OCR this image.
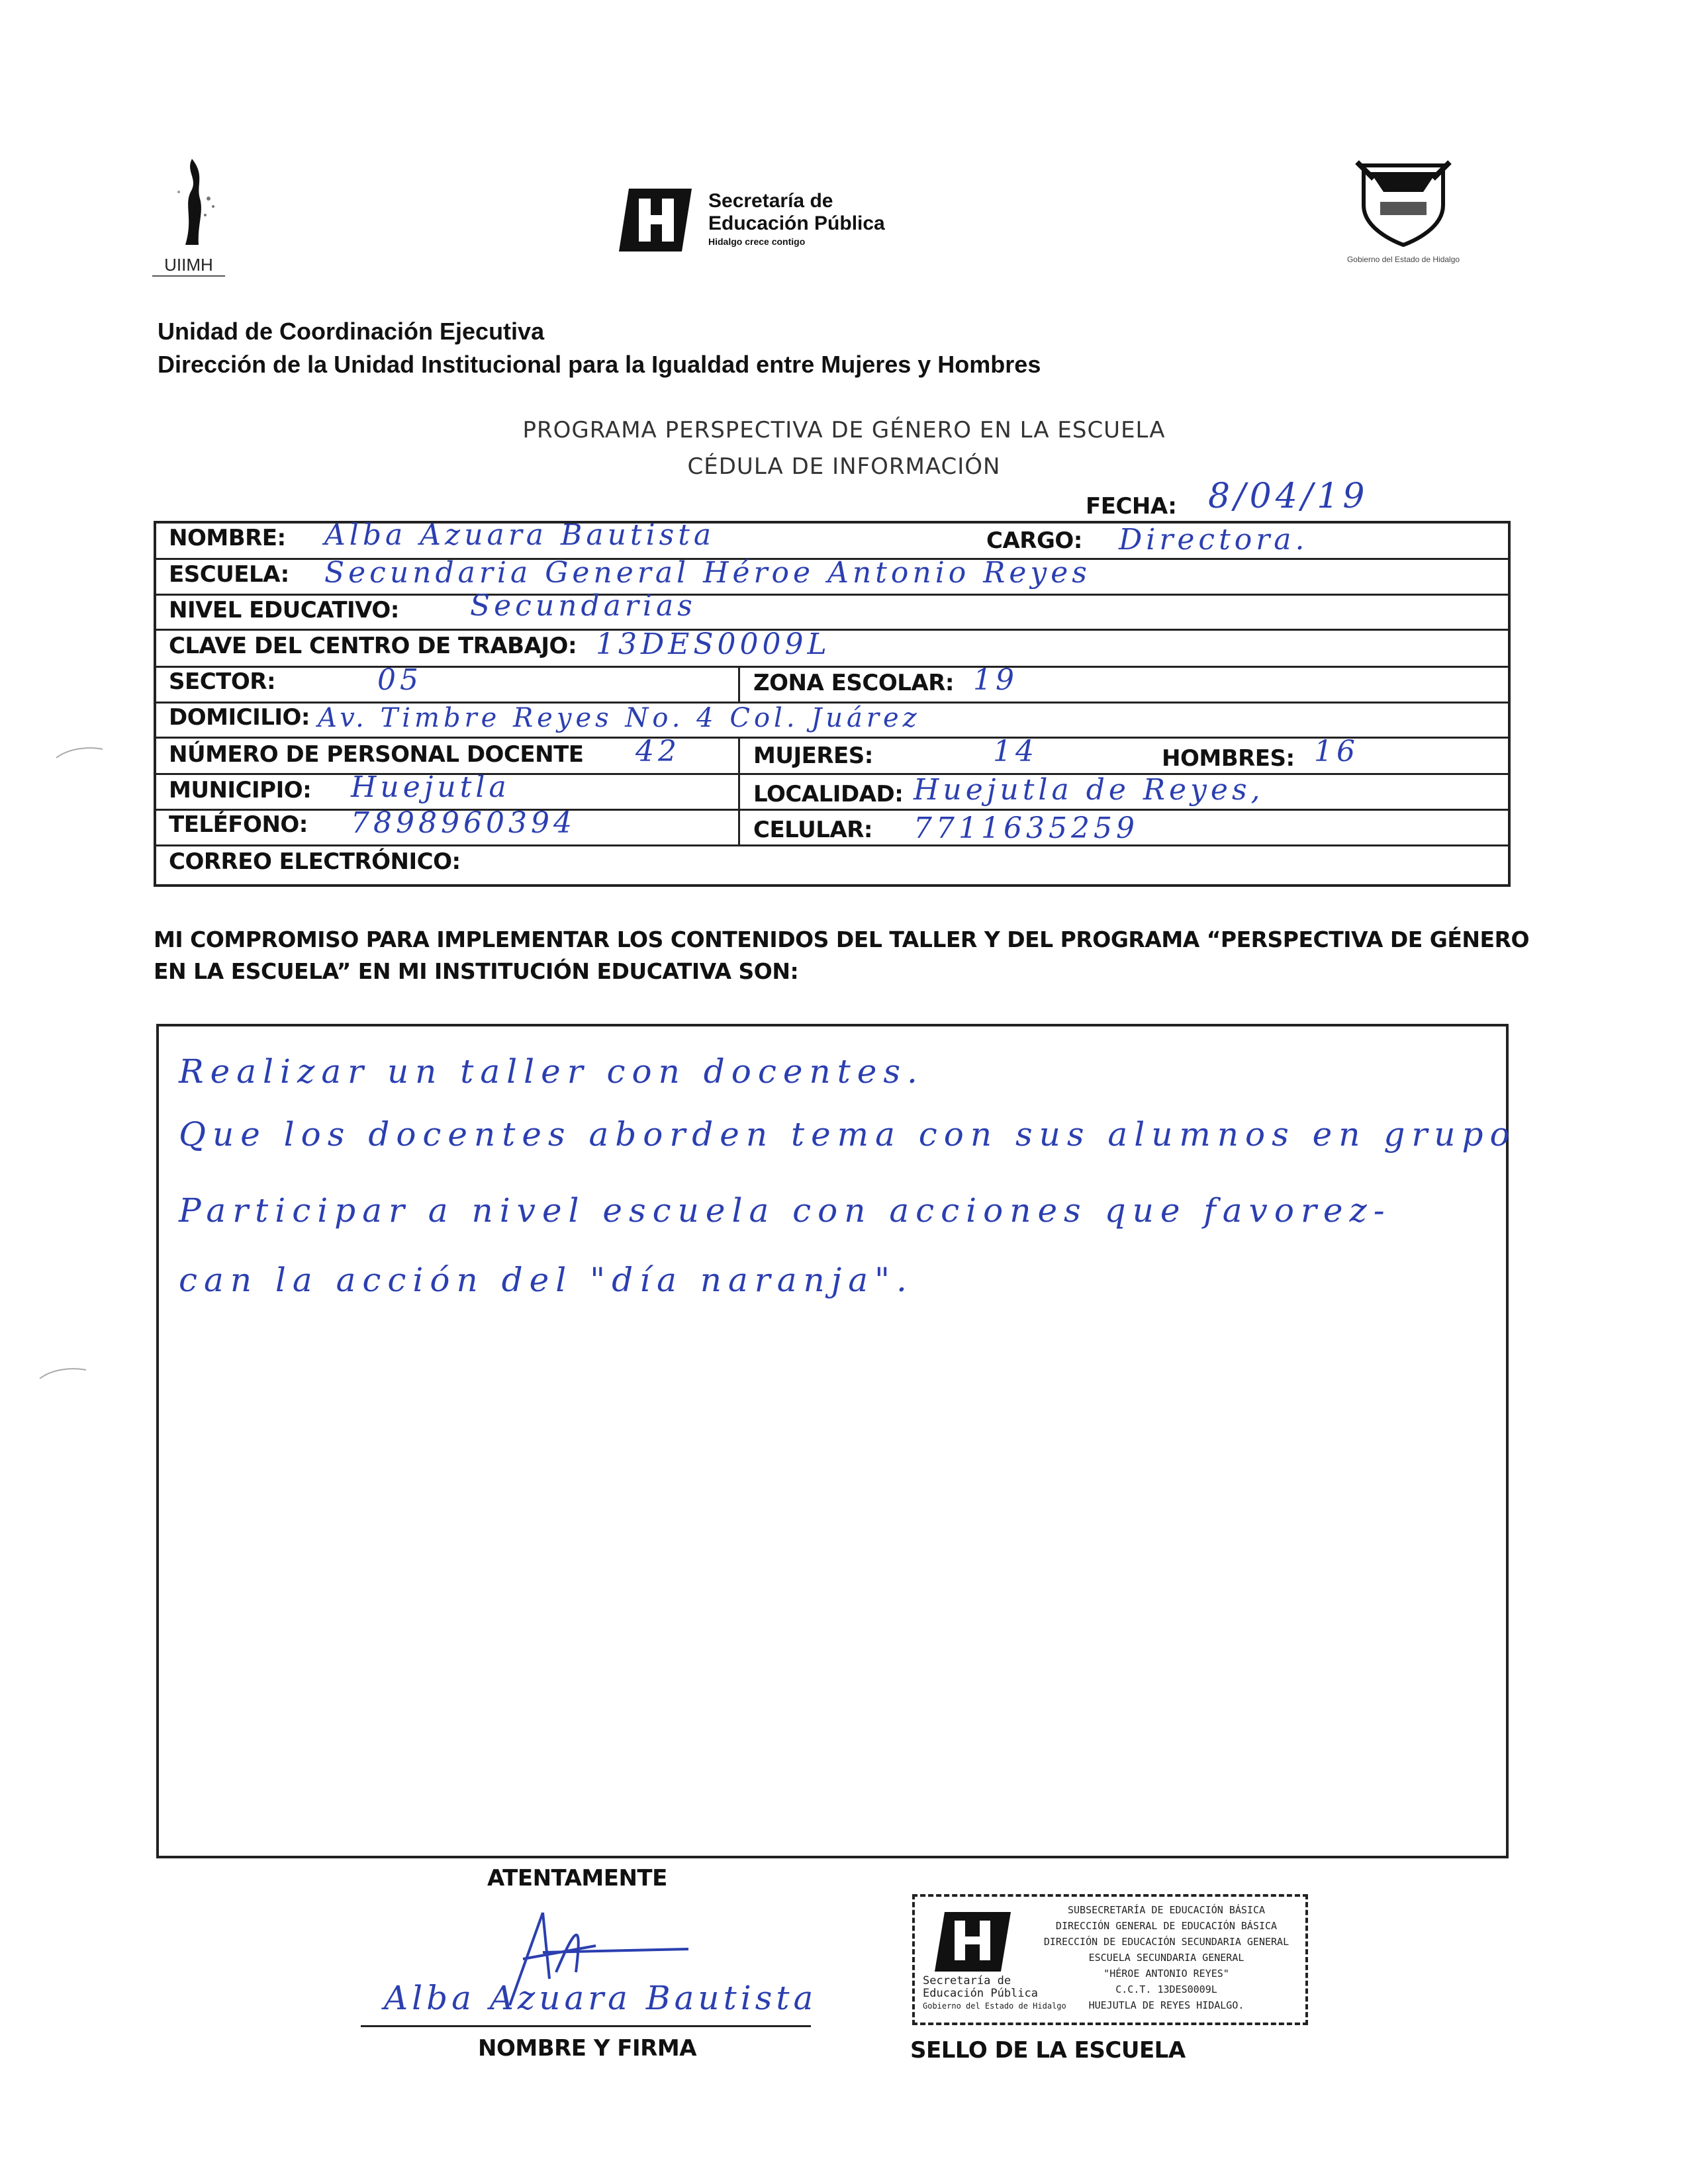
UIIMH
Secretaría de
Educación Pública
Hidalgo crece contigo
Gobierno del Estado de Hidalgo
Unidad de Coordinación Ejecutiva
Dirección de la Unidad Institucional para la Igualdad entre Mujeres y Hombres
PROGRAMA PERSPECTIVA DE GÉNERO EN LA ESCUELA
CÉDULA DE INFORMACIÓN
FECHA: 8/04/19
NOMBRE: Alba Azuara Bautista	CARGO: Directora.
ESCUELA: Secundaria General Héroe Antonio Reyes
NIVEL EDUCATIVO: Secundarias
CLAVE DEL CENTRO DE TRABAJO: 13DES0009L
SECTOR:	05	ZONA ESCOLAR: 19
DOMICILIO: Av. Timbre Reyes No. 4 Col. Juárez
NÚMERO DE PERSONAL DOCENTE 42	MUJERES:	14	HOMBRES: 16
MUNICIPIO: Huejutla	LOCALIDAD: Huejutla de Reyes,
TELÉFONO: 7898960394	CELULAR: 7711635259
CORREO ELECTRÓNICO:
MI COMPROMISO PARA IMPLEMENTAR LOS CONTENIDOS DEL TALLER Y DEL PROGRAMA “PERSPECTIVA DE GÉNERO
EN LA ESCUELA” EN MI INSTITUCIÓN EDUCATIVA SON:
Realizar un taller con docentes.
Que los docentes aborden tema con sus alumnos en grupo
Participar a nivel escuela con acciones que favorez-
can la acción del "día naranja".
ATENTAMENTE
Alba Azuara Bautista
NOMBRE Y FIRMA
Secretaría de
Educación Pública
Gobierno del Estado de Hidalgo
SUBSECRETARÍA DE EDUCACIÓN BÁSICA
DIRECCIÓN GENERAL DE EDUCACIÓN BÁSICA
DIRECCIÓN DE EDUCACIÓN SECUNDARIA GENERAL
ESCUELA SECUNDARIA GENERAL
"HÉROE ANTONIO REYES"
C.C.T. 13DES0009L
HUEJUTLA DE REYES HIDALGO.
SELLO DE LA ESCUELA
